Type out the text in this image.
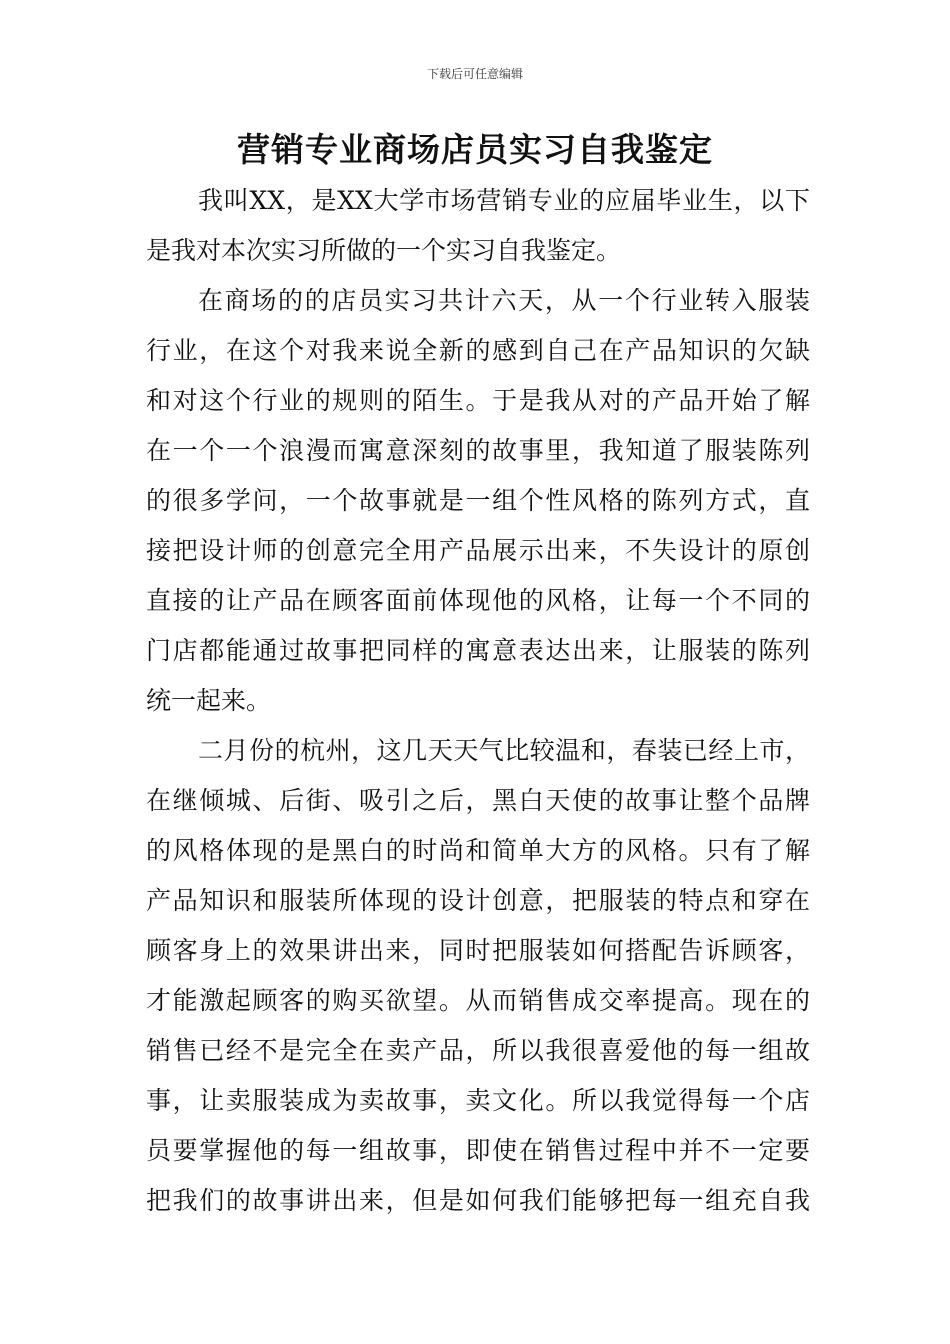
下载后可任意编辑
营销专业商场店员实习自我鉴定
我叫XX，是XX大学市场营销专业的应届毕业生，以下
是我对本次实习所做的一个实习自我鉴定。
在商场的的店员实习共计六天，从一个行业转入服装
行业，在这个对我来说全新的感到自己在产品知识的欠缺
和对这个行业的规则的陌生。于是我从对的产品开始了解
在一个一个浪漫而寓意深刻的故事里，我知道了服装陈列
的很多学问，一个故事就是一组个性风格的陈列方式，直
接把设计师的创意完全用产品展示出来，不失设计的原创
直接的让产品在顾客面前体现他的风格，让每一个不同的
门店都能通过故事把同样的寓意表达出来，让服装的陈列
统一起来。
二月份的杭州，这几天天气比较温和，春装已经上市，
在继倾城、后街、吸引之后，黑白天使的故事让整个品牌
的风格体现的是黑白的时尚和简单大方的风格。只有了解
产品知识和服装所体现的设计创意，把服装的特点和穿在
顾客身上的效果讲出来，同时把服装如何搭配告诉顾客，
才能激起顾客的购买欲望。从而销售成交率提高。现在的
销售已经不是完全在卖产品，所以我很喜爱他的每一组故
事，让卖服装成为卖故事，卖文化。所以我觉得每一个店
员要掌握他的每一组故事，即使在销售过程中并不一定要
把我们的故事讲出来，但是如何我们能够把每一组充自我
